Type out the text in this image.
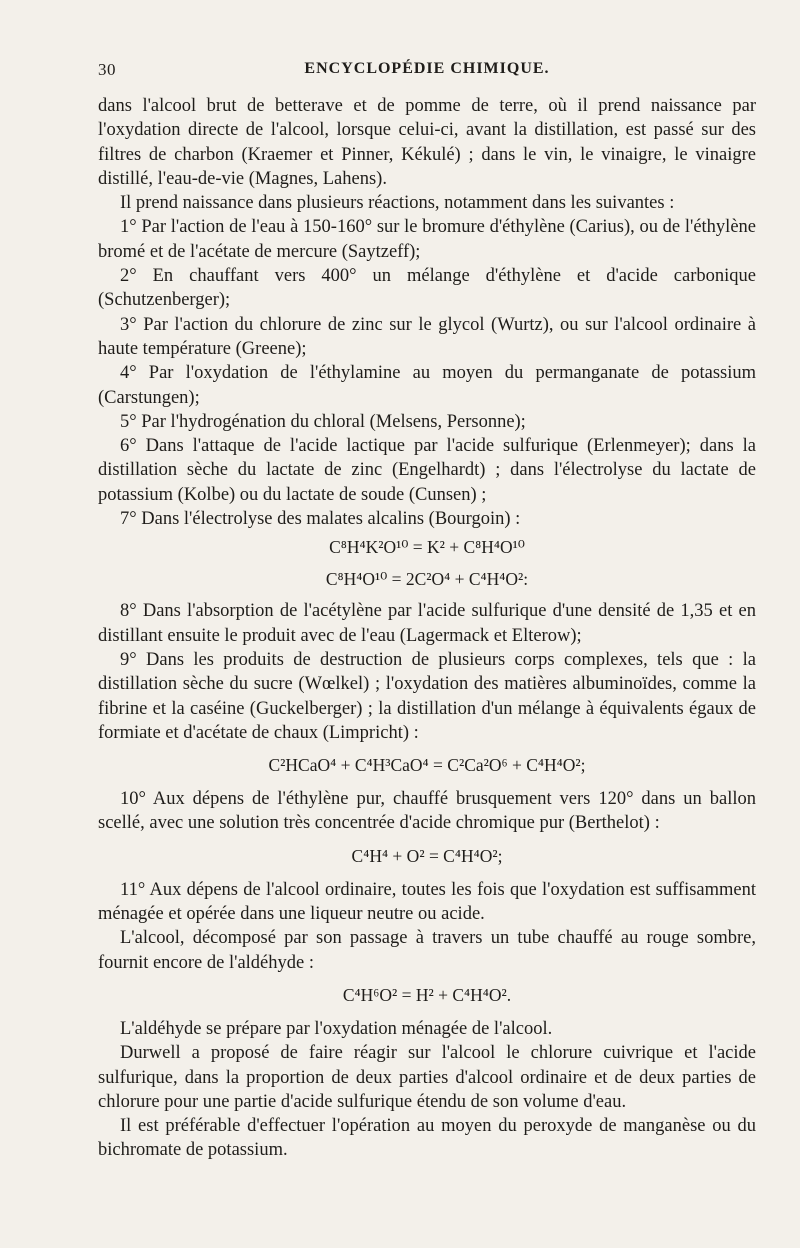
30	ENCYCLOPÉDIE CHIMIQUE.

dans l'alcool brut de betterave et de pomme de terre, où il prend naissance par l'oxydation directe de l'alcool, lorsque celui-ci, avant la distillation, est passé sur des filtres de charbon (Kraemer et Pinner, Kékulé) ; dans le vin, le vinaigre, le vinaigre distillé, l'eau-de-vie (Magnes, Lahens).

Il prend naissance dans plusieurs réactions, notamment dans les suivantes :

1° Par l'action de l'eau à 150-160° sur le bromure d'éthylène (Carius), ou de l'éthylène bromé et de l'acétate de mercure (Saytzeff);

2° En chauffant vers 400° un mélange d'éthylène et d'acide carbonique (Schutzenberger);

3° Par l'action du chlorure de zinc sur le glycol (Wurtz), ou sur l'alcool ordinaire à haute température (Greene);

4° Par l'oxydation de l'éthylamine au moyen du permanganate de potassium (Carstungen);

5° Par l'hydrogénation du chloral (Melsens, Personne);

6° Dans l'attaque de l'acide lactique par l'acide sulfurique (Erlenmeyer); dans la distillation sèche du lactate de zinc (Engelhardt) ; dans l'électrolyse du lactate de potassium (Kolbe) ou du lactate de soude (Cunsen) ;

7° Dans l'électrolyse des malates alcalins (Bourgoin) :

C⁸H⁴K²O¹⁰ = K² + C⁸H⁴O¹⁰
C⁸H⁴O¹⁰ = 2C²O⁴ + C⁴H⁴O²:

8° Dans l'absorption de l'acétylène par l'acide sulfurique d'une densité de 1,35 et en distillant ensuite le produit avec de l'eau (Lagermack et Elterow);

9° Dans les produits de destruction de plusieurs corps complexes, tels que : la distillation sèche du sucre (Wœlkel) ; l'oxydation des matières albuminoïdes, comme la fibrine et la caséine (Guckelberger) ; la distillation d'un mélange à équivalents égaux de formiate et d'acétate de chaux (Limpricht) :

C²HCaO⁴ + C⁴H³CaO⁴ = C²Ca²O⁶ + C⁴H⁴O²;

10° Aux dépens de l'éthylène pur, chauffé brusquement vers 120° dans un ballon scellé, avec une solution très concentrée d'acide chromique pur (Berthelot) :

C⁴H⁴ + O² = C⁴H⁴O²;

11° Aux dépens de l'alcool ordinaire, toutes les fois que l'oxydation est suffisamment ménagée et opérée dans une liqueur neutre ou acide.

L'alcool, décomposé par son passage à travers un tube chauffé au rouge sombre, fournit encore de l'aldéhyde :

C⁴H⁶O² = H² + C⁴H⁴O².

L'aldéhyde se prépare par l'oxydation ménagée de l'alcool.

Durwell a proposé de faire réagir sur l'alcool le chlorure cuivrique et l'acide sulfurique, dans la proportion de deux parties d'alcool ordinaire et de deux parties de chlorure pour une partie d'acide sulfurique étendu de son volume d'eau.

Il est préférable d'effectuer l'opération au moyen du peroxyde de manganèse ou du bichromate de potassium.
